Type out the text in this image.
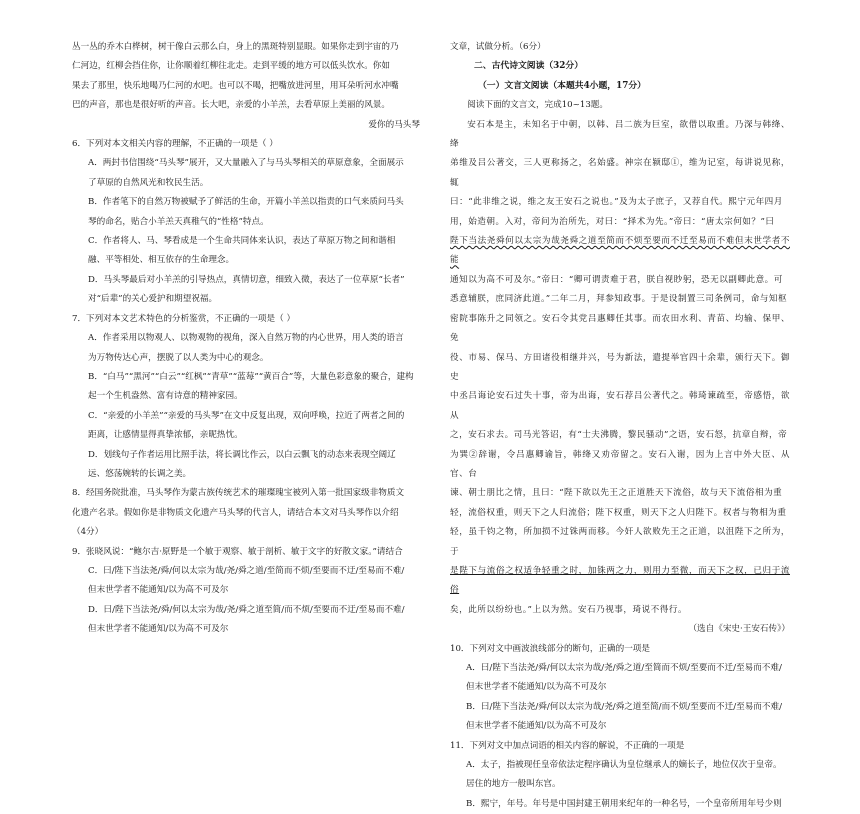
丛一丛的乔木白桦树，树干像白云那么白，身上的黑斑特别显眼。如果你走到宇宙的乃

仁河边，红柳会挡住你，让你顺着红柳往北走。走到平缓的地方可以低头饮水。你如

果去了那里，快乐地喝乃仁河的水吧。也可以不喝，把嘴放进河里，用耳朵听河水冲嘴

巴的声音，那也是很好听的声音。长大吧，亲爱的小羊羔，去看草原上美丽的风景。

爱你的马头琴

6．下列对本文相关内容的理解，不正确的一项是（ ）

A．两封书信围绕“马头琴”展开，又大量融入了与马头琴相关的草原意象，全面展示

了草原的自然风光和牧民生活。

B．作者笔下的自然万物被赋予了鲜活的生命，开篇小羊羔以指责的口气来质问马头

琴的命名，贴合小羊羔天真稚气的“性格”特点。

C．作者将人、马、琴看成是一个生命共同体来认识，表达了草原万物之间和谐相

融、平等相处、相互依存的生命理念。

D．马头琴最后对小羊羔的引导热点，真情切意，细致入微，表达了一位草原“长者”

对“后辈”的关心爱护和期望祝福。

7．下列对本文艺术特色的分析鉴赏，不正确的一项是（ ）

A．作者采用以物观人、以物观物的视角，深入自然万物的内心世界，用人类的语言

为万物传达心声，摆脱了以人类为中心的观念。

B．“白马”“黑河”“白云”“红枫”“青草”“蓝莓”“黄百合”等，大量色彩意象的聚合，建构

起一个生机盎然、富有诗意的精神家园。

C．“亲爱的小羊羔”“亲爱的马头琴”在文中反复出现，双向呼唤，拉近了两者之间的

距离，让感情显得真挚浓郁，亲昵热忱。

D．划线句子作者运用比照手法，将长调比作云，以白云飘飞的动态来表现空阔辽

远、悠荡婉转的长调之美。

8．经国务院批准，马头琴作为蒙古族传统艺术的璀璨瑰宝被列入第一批国家级非物质文

化遗产名录。假如你是非物质文化遗产马头琴的代言人，请结合本文对马头琴作以介绍

（4分）

9．张晓风说：“鲍尔吉·原野是一个敏于观察、敏于剖析、敏于文字的好散文家。”请结合

C．曰/陛下当法尧/舜/何以太宗为哉/尧/舜之道/至简而不烦/至要而不迂/至易而不难/

但末世学者不能通知/以为高不可及尔

D．曰/陛下当法尧/舜/何以太宗为哉/尧/舜之道至简/而不烦/至要而不迂/至易而不难/

但末世学者不能通知/以为高不可及尔

文章，试做分析。（6分）

二、古代诗文阅读（32分）

（一）文言文阅读（本题共4小题，17分）

阅读下面的文言文，完成10~13题。

安石本是主，未知名于中朝，以韩、吕二族为巨室，欲借以取重。乃深与韩绛、绛

弟维及吕公著交，三人更称扬之，名始盛。神宗在颍邸①，维为记室，每讲说见称，辄

曰：“此非维之说，维之友王安石之说也。”及为太子庶子，又荐自代。熙宁元年四月

用，始造朝。入对，帝问为治所先，对曰：“择术为先。”帝曰：“唐太宗何如？”曰

陛下当法尧舜何以太宗为哉尧舜之道至简而不烦至要而不迁至易而不难但末世学者不能

通知以为高不可及尔。”帝曰：“卿可谓责难于君，朕自视眇躬，恐无以副卿此意。可

悉意辅朕，庶同济此道。”二年二月，拜参知政事。于是设制置三司条例司，命与知枢

密院事陈升之同领之。安石令其党吕惠卿任其事。而农田水利、青苗、均输、保甲、免

役、市易、保马、方田诸役相继并兴，号为新法，遣提举官四十余辈，颁行天下。御史

中丞吕诲论安石过失十事，帝为出诲，安石荐吕公著代之。韩琦谏疏至，帝感悟，欲从

之，安石求去。司马光答诏，有“士夫沸腾，黎民骚动”之语，安石怒，抗章自辩，帝

为巽②辞谢，令吕惠卿谕旨，韩绛又劝帝留之。安石入谢，因为上言中外大臣、从官、台

谏、朝士朋比之情，且曰：“陛下欲以先王之正道胜天下流俗，故与天下流俗相为重

轻，流俗权重，则天下之人归流俗；陛下权重，则天下之人归陛下。权者与物相为重

轻，虽千钧之物，所加损不过铢两而移。今奸人欲败先王之正道，以沮陛下之所为，于

是陛下与流俗之权适争轻重之时，加铢两之力，则用力至微，而天下之权，已归于流俗

矣，此所以纷纷也。”上以为然。安石乃视事，琦说不得行。

（选自《宋史·王安石传》）

10．下列对文中画波浪线部分的断句，正确的一项是

A．曰/陛下当法尧/舜/何以太宗为哉/尧/舜之道/至简而不烦/至要而不迁/至易而不难/

但末世学者不能通知/以为高不可及尔

B．曰/陛下当法尧/舜/何以太宗为哉/尧/舜之道至简/而不烦/至要而不迁/至易而不难/

但末世学者不能通知/以为高不可及尔

11．下列对文中加点词语的相关内容的解说，不正确的一项是

A．太子，指被现任皇帝依法定程序确认为皇位继承人的嫡长子，地位仅次于皇帝。

居住的地方一般叫东宫。

B．熙宁，年号。年号是中国封建王朝用来纪年的一种名号，一个皇帝所用年号少则
